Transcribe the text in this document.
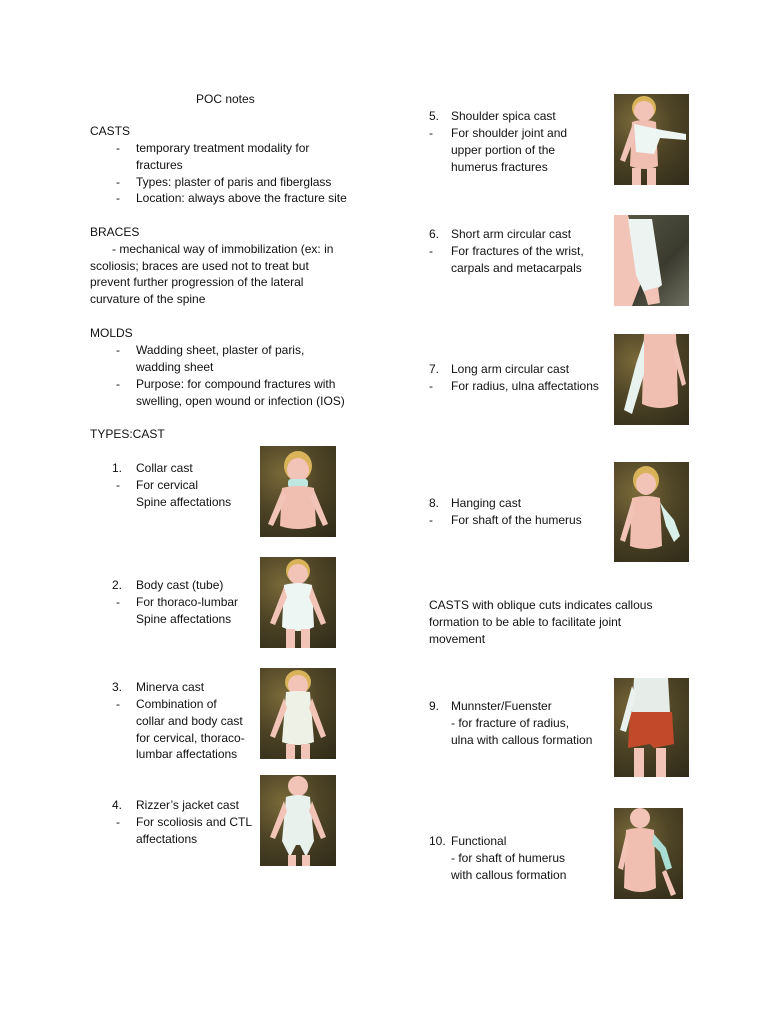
POC notes
CASTS
- temporary treatment modality for
fractures
- Types: plaster of paris and fiberglass
- Location: always above the fracture site
BRACES
- mechanical way of immobilization (ex: in
scoliosis; braces are used not to treat but
prevent further progression of the lateral
curvature of the spine
MOLDS
- Wadding sheet, plaster of paris,
wadding sheet
- Purpose: for compound fractures with
swelling, open wound or infection (IOS)
TYPES:CAST
1. Collar cast
- For cervical
Spine affectations
2. Body cast (tube)
- For thoraco-lumbar
Spine affectations
3. Minerva cast
- Combination of
collar and body cast
for cervical, thoraco-
lumbar affectations
4. Rizzer’s jacket cast
- For scoliosis and CTL
affectations
5. Shoulder spica cast
- For shoulder joint and
upper portion of the
humerus fractures
6. Short arm circular cast
- For fractures of the wrist,
carpals and metacarpals
7. Long arm circular cast
- For radius, ulna affectations
8. Hanging cast
- For shaft of the humerus
CASTS with oblique cuts indicates callous
formation to be able to facilitate joint
movement
9. Munnster/Fuenster
- for fracture of radius,
ulna with callous formation
10. Functional
- for shaft of humerus
with callous formation
